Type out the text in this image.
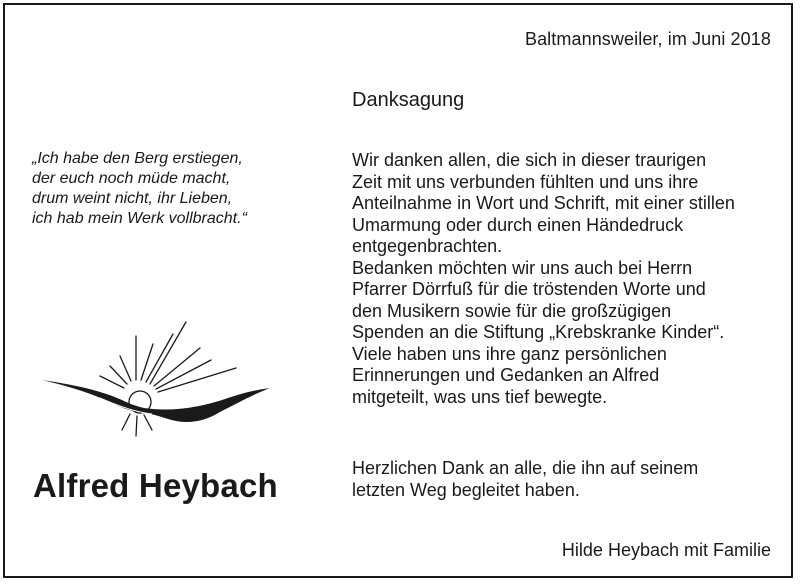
Baltmannsweiler, im Juni 2018
Danksagung
„Ich habe den Berg erstiegen,
der euch noch müde macht,
drum weint nicht, ihr Lieben,
ich hab mein Werk vollbracht.“
Wir danken allen, die sich in dieser traurigen
Zeit mit uns verbunden fühlten und uns ihre
Anteilnahme in Wort und Schrift, mit einer stillen
Umarmung oder durch einen Händedruck
entgegenbrachten.
Bedanken möchten wir uns auch bei Herrn
Pfarrer Dörrfuß für die tröstenden Worte und
den Musikern sowie für die großzügigen
Spenden an die Stiftung „Krebskranke Kinder“.
Viele haben uns ihre ganz persönlichen
Erinnerungen und Gedanken an Alfred
mitgeteilt, was uns tief bewegte.
Herzlichen Dank an alle, die ihn auf seinem
letzten Weg begleitet haben.
Hilde Heybach mit Familie
Alfred Heybach
